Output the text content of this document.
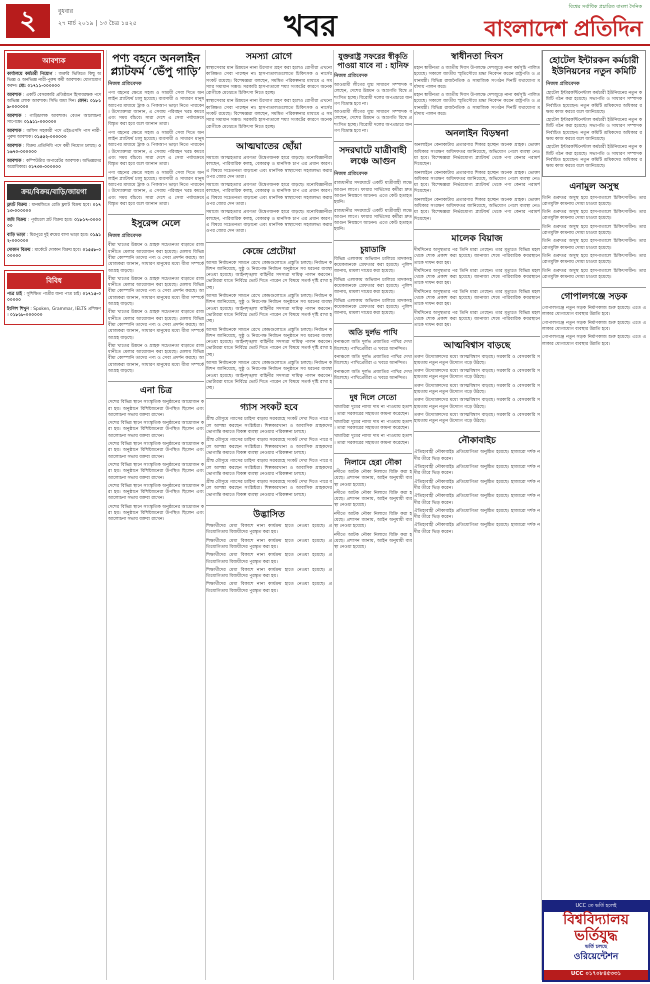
২	বুধবার
২৭ মার্চ ২০১৯ | ১৩ চৈত্র ১৪২৫	খবর
বিশ্বের সর্বাধিক প্রচারিত বাংলা দৈনিক
বাংলাদেশ প্রতিদিন
আবশ্যক
কার্যালয়ে কর্মচারী নিয়োগ : জরুরি ভিত্তিতে কিছু অভিজ্ঞ ও অনভিজ্ঞ নারী-পুরুষ কর্মী আবশ্যক। যোগাযোগ করুন। মো: ০১৭১১-০০০০০০
আবশ্যক : একটি বেসরকারি প্রতিষ্ঠানে হিসাবরক্ষক পদে অভিজ্ঞ লোক আবশ্যক। সিভি জমা দিন। ফোন: ০১৮১৯-০০০০০০
আবশ্যক : গাড়িচালক আবশ্যক। বেতন আলোচনা সাপেক্ষে। ০১৯১১-০০০০০০
আবশ্যক : অফিস সহকারী পদে এইচএসসি পাস নারী-পুরুষ আবশ্যক। ০১৫৫২-০০০০০০
আবশ্যক : বিক্রয় প্রতিনিধি পদে কর্মী নিয়োগ চলছে। ০১৬৭০-০০০০০০
আবশ্যক : কম্পিউটার অপারেটর আবশ্যক। অভিজ্ঞদের অগ্রাধিকার। ০১৭৩০-০০০০০০
ক্রয়/বিক্রয়/বাড়ি/জায়গা
ফ্ল্যাট বিক্রয় : ধানমন্ডিতে রেডি ফ্ল্যাট বিক্রয় হবে। ০১৭১৩-০০০০০০
জমি বিক্রয় : পূর্বাচলে প্লট বিক্রয় হবে। ০১৮১৭-০০০০০০
বাড়ি ভাড়া : মিরপুরে দুই রুমের বাসা ভাড়া হবে। ০১৯১২-০০০০০০
দোকান বিক্রয় : মার্কেটে দোকান বিক্রয় হবে। ০১৫৫৮-০০০০০০
বিবিধ
পাত্র চাই : সুশিক্ষিত পাত্রীর জন্য পাত্র চাই। ০১৭১৫-০০০০০০
ইংলিশ শিখুন : Spoken, Grammar, IELTS প্রশিক্ষণ। ০১৮১৮-০০০০০০
পণ্য বহনে অনলাইন প্ল্যাটফর্ম ‘ভেঁপু গাড়ি’
নিজস্ব প্রতিবেদক

পণ্য বহনের ক্ষেত্রে সহজ ও সাশ্রয়ী সেবা দিতে অনলাইন প্ল্যাটফর্ম চালু হয়েছে। ব্যবসায়ী ও সাধারণ মানুষ অ্যাপের মাধ্যমে ট্রাক ও পিকআপ ভাড়া নিতে পারবেন। উদ্যোক্তারা জানান, এ সেবায় পরিবহন খরচ কমবে এবং সময় বাঁচবে। সারা দেশে এ সেবা পর্যায়ক্রমে বিস্তৃত করা হবে বলে জানান তারা।

পণ্য বহনের ক্ষেত্রে সহজ ও সাশ্রয়ী সেবা দিতে অনলাইন প্ল্যাটফর্ম চালু হয়েছে। ব্যবসায়ী ও সাধারণ মানুষ অ্যাপের মাধ্যমে ট্রাক ও পিকআপ ভাড়া নিতে পারবেন। উদ্যোক্তারা জানান, এ সেবায় পরিবহন খরচ কমবে এবং সময় বাঁচবে। সারা দেশে এ সেবা পর্যায়ক্রমে বিস্তৃত করা হবে বলে জানান তারা।

পণ্য বহনের ক্ষেত্রে সহজ ও সাশ্রয়ী সেবা দিতে অনলাইন প্ল্যাটফর্ম চালু হয়েছে। ব্যবসায়ী ও সাধারণ মানুষ অ্যাপের মাধ্যমে ট্রাক ও পিকআপ ভাড়া নিতে পারবেন। উদ্যোক্তারা জানান, এ সেবায় পরিবহন খরচ কমবে এবং সময় বাঁচবে। সারা দেশে এ সেবা পর্যায়ক্রমে বিস্তৃত করা হবে বলে জানান তারা।

ইসুরেন্স মেলে
নিজস্ব প্রতিবেদক

বীমা খাতের উন্নয়ন ও গ্রাহক সচেতনতা বাড়াতে রাজধানীতে মেলার আয়োজন করা হয়েছে। মেলায় বিভিন্ন বীমা কোম্পানি তাদের পণ্য ও সেবা প্রদর্শন করছে। আয়োজকরা জানান, সাধারণ মানুষের মধ্যে বীমা সম্পর্কে আগ্রহ বাড়ছে।

বীমা খাতের উন্নয়ন ও গ্রাহক সচেতনতা বাড়াতে রাজধানীতে মেলার আয়োজন করা হয়েছে। মেলায় বিভিন্ন বীমা কোম্পানি তাদের পণ্য ও সেবা প্রদর্শন করছে। আয়োজকরা জানান, সাধারণ মানুষের মধ্যে বীমা সম্পর্কে আগ্রহ বাড়ছে।

বীমা খাতের উন্নয়ন ও গ্রাহক সচেতনতা বাড়াতে রাজধানীতে মেলার আয়োজন করা হয়েছে। মেলায় বিভিন্ন বীমা কোম্পানি তাদের পণ্য ও সেবা প্রদর্শন করছে। আয়োজকরা জানান, সাধারণ মানুষের মধ্যে বীমা সম্পর্কে আগ্রহ বাড়ছে।

বীমা খাতের উন্নয়ন ও গ্রাহক সচেতনতা বাড়াতে রাজধানীতে মেলার আয়োজন করা হয়েছে। মেলায় বিভিন্ন বীমা কোম্পানি তাদের পণ্য ও সেবা প্রদর্শন করছে। আয়োজকরা জানান, সাধারণ মানুষের মধ্যে বীমা সম্পর্কে আগ্রহ বাড়ছে।

এনা চিত্র

দেশের বিভিন্ন স্থানে সাংস্কৃতিক অনুষ্ঠানের আয়োজন করা হয়। অনুষ্ঠানে বিশিষ্টজনেরা উপস্থিত ছিলেন এবং আলোচনা সভায় বক্তব্য রাখেন।

দেশের বিভিন্ন স্থানে সাংস্কৃতিক অনুষ্ঠানের আয়োজন করা হয়। অনুষ্ঠানে বিশিষ্টজনেরা উপস্থিত ছিলেন এবং আলোচনা সভায় বক্তব্য রাখেন।

দেশের বিভিন্ন স্থানে সাংস্কৃতিক অনুষ্ঠানের আয়োজন করা হয়। অনুষ্ঠানে বিশিষ্টজনেরা উপস্থিত ছিলেন এবং আলোচনা সভায় বক্তব্য রাখেন।

দেশের বিভিন্ন স্থানে সাংস্কৃতিক অনুষ্ঠানের আয়োজন করা হয়। অনুষ্ঠানে বিশিষ্টজনেরা উপস্থিত ছিলেন এবং আলোচনা সভায় বক্তব্য রাখেন।

দেশের বিভিন্ন স্থানে সাংস্কৃতিক অনুষ্ঠানের আয়োজন করা হয়। অনুষ্ঠানে বিশিষ্টজনেরা উপস্থিত ছিলেন এবং আলোচনা সভায় বক্তব্য রাখেন।

দেশের বিভিন্ন স্থানে সাংস্কৃতিক অনুষ্ঠানের আয়োজন করা হয়। অনুষ্ঠানে বিশিষ্টজনেরা উপস্থিত ছিলেন এবং আলোচনা সভায় বক্তব্য রাখেন।

সমস্যা রোগে

স্বাস্থ্যসেবার মান উন্নয়নে নানা উদ্যোগ গ্রহণ করা হলেও রোগীরা এখনো কাঙ্ক্ষিত সেবা পাচ্ছেন না। হাসপাতালগুলোতে চিকিৎসক ও নার্সের সংকট রয়েছে। বিশেষজ্ঞরা বলছেন, সমন্বিত পরিকল্পনার মাধ্যমে এ সমস্যার সমাধান সম্ভব। সরকারি হাসপাতালে শয্যা সংকটের কারণে অনেক রোগীকে মেঝেতে চিকিৎসা নিতে হচ্ছে।

স্বাস্থ্যসেবার মান উন্নয়নে নানা উদ্যোগ গ্রহণ করা হলেও রোগীরা এখনো কাঙ্ক্ষিত সেবা পাচ্ছেন না। হাসপাতালগুলোতে চিকিৎসক ও নার্সের সংকট রয়েছে। বিশেষজ্ঞরা বলছেন, সমন্বিত পরিকল্পনার মাধ্যমে এ সমস্যার সমাধান সম্ভব। সরকারি হাসপাতালে শয্যা সংকটের কারণে অনেক রোগীকে মেঝেতে চিকিৎসা নিতে হচ্ছে।

আত্মঘাতের ছোঁয়া

সমাজে আত্মহত্যার প্রবণতা উদ্বেগজনক হারে বাড়ছে। মনোবিজ্ঞানীরা বলছেন, পারিবারিক কলহ, বেকারত্ব ও মানসিক চাপ এর প্রধান কারণ। এ বিষয়ে সচেতনতা বাড়ানো এবং মানসিক স্বাস্থ্যসেবা সহজলভ্য করার ওপর জোর দেন তারা।

সমাজে আত্মহত্যার প্রবণতা উদ্বেগজনক হারে বাড়ছে। মনোবিজ্ঞানীরা বলছেন, পারিবারিক কলহ, বেকারত্ব ও মানসিক চাপ এর প্রধান কারণ। এ বিষয়ে সচেতনতা বাড়ানো এবং মানসিক স্বাস্থ্যসেবা সহজলভ্য করার ওপর জোর দেন তারা।

সমাজে আত্মহত্যার প্রবণতা উদ্বেগজনক হারে বাড়ছে। মনোবিজ্ঞানীরা বলছেন, পারিবারিক কলহ, বেকারত্ব ও মানসিক চাপ এর প্রধান কারণ। এ বিষয়ে সচেতনতা বাড়ানো এবং মানসিক স্বাস্থ্যসেবা সহজলভ্য করার ওপর জোর দেন তারা।

কেন্দ্রে প্রেটোয়া

আসন্ন নির্বাচনকে সামনে রেখে কেন্দ্রগুলোতে প্রস্তুতি চলছে। নির্বাচন কমিশন জানিয়েছে, সুষ্ঠু ও নিরপেক্ষ নির্বাচন অনুষ্ঠানে সব ধরনের ব্যবস্থা নেওয়া হয়েছে। আইনশৃঙ্খলা বাহিনীর সদস্যরা দায়িত্ব পালন করবেন। ভোটাররা যাতে নির্বিঘ্নে ভোট দিতে পারেন সে বিষয়ে সতর্ক দৃষ্টি রাখা হচ্ছে।

আসন্ন নির্বাচনকে সামনে রেখে কেন্দ্রগুলোতে প্রস্তুতি চলছে। নির্বাচন কমিশন জানিয়েছে, সুষ্ঠু ও নিরপেক্ষ নির্বাচন অনুষ্ঠানে সব ধরনের ব্যবস্থা নেওয়া হয়েছে। আইনশৃঙ্খলা বাহিনীর সদস্যরা দায়িত্ব পালন করবেন। ভোটাররা যাতে নির্বিঘ্নে ভোট দিতে পারেন সে বিষয়ে সতর্ক দৃষ্টি রাখা হচ্ছে।

আসন্ন নির্বাচনকে সামনে রেখে কেন্দ্রগুলোতে প্রস্তুতি চলছে। নির্বাচন কমিশন জানিয়েছে, সুষ্ঠু ও নিরপেক্ষ নির্বাচন অনুষ্ঠানে সব ধরনের ব্যবস্থা নেওয়া হয়েছে। আইনশৃঙ্খলা বাহিনীর সদস্যরা দায়িত্ব পালন করবেন। ভোটাররা যাতে নির্বিঘ্নে ভোট দিতে পারেন সে বিষয়ে সতর্ক দৃষ্টি রাখা হচ্ছে।

আসন্ন নির্বাচনকে সামনে রেখে কেন্দ্রগুলোতে প্রস্তুতি চলছে। নির্বাচন কমিশন জানিয়েছে, সুষ্ঠু ও নিরপেক্ষ নির্বাচন অনুষ্ঠানে সব ধরনের ব্যবস্থা নেওয়া হয়েছে। আইনশৃঙ্খলা বাহিনীর সদস্যরা দায়িত্ব পালন করবেন। ভোটাররা যাতে নির্বিঘ্নে ভোট দিতে পারেন সে বিষয়ে সতর্ক দৃষ্টি রাখা হচ্ছে।

গ্যাস সংকট হবে

গ্রীষ্ম মৌসুমে গ্যাসের চাহিদা বাড়ায় সরবরাহে সংকট দেখা দিতে পারে বলে আশঙ্কা করছেন সংশ্লিষ্টরা। শিল্পকারখানা ও আবাসিক গ্রাহকদের ভোগান্তি কমাতে বিকল্প ব্যবস্থা নেওয়ার পরিকল্পনা চলছে।

গ্রীষ্ম মৌসুমে গ্যাসের চাহিদা বাড়ায় সরবরাহে সংকট দেখা দিতে পারে বলে আশঙ্কা করছেন সংশ্লিষ্টরা। শিল্পকারখানা ও আবাসিক গ্রাহকদের ভোগান্তি কমাতে বিকল্প ব্যবস্থা নেওয়ার পরিকল্পনা চলছে।

গ্রীষ্ম মৌসুমে গ্যাসের চাহিদা বাড়ায় সরবরাহে সংকট দেখা দিতে পারে বলে আশঙ্কা করছেন সংশ্লিষ্টরা। শিল্পকারখানা ও আবাসিক গ্রাহকদের ভোগান্তি কমাতে বিকল্প ব্যবস্থা নেওয়ার পরিকল্পনা চলছে।

গ্রীষ্ম মৌসুমে গ্যাসের চাহিদা বাড়ায় সরবরাহে সংকট দেখা দিতে পারে বলে আশঙ্কা করছেন সংশ্লিষ্টরা। শিল্পকারখানা ও আবাসিক গ্রাহকদের ভোগান্তি কমাতে বিকল্প ব্যবস্থা নেওয়ার পরিকল্পনা চলছে।

উদ্ভাসিত

শিক্ষার্থীদের মেধা বিকাশে নানা কার্যক্রম হাতে নেওয়া হয়েছে। প্রতিযোগিতায় বিজয়ীদের পুরস্কৃত করা হয়।

শিক্ষার্থীদের মেধা বিকাশে নানা কার্যক্রম হাতে নেওয়া হয়েছে। প্রতিযোগিতায় বিজয়ীদের পুরস্কৃত করা হয়।

শিক্ষার্থীদের মেধা বিকাশে নানা কার্যক্রম হাতে নেওয়া হয়েছে। প্রতিযোগিতায় বিজয়ীদের পুরস্কৃত করা হয়।

শিক্ষার্থীদের মেধা বিকাশে নানা কার্যক্রম হাতে নেওয়া হয়েছে। প্রতিযোগিতায় বিজয়ীদের পুরস্কৃত করা হয়।

শিক্ষার্থীদের মেধা বিকাশে নানা কার্যক্রম হাতে নেওয়া হয়েছে। প্রতিযোগিতায় বিজয়ীদের পুরস্কৃত করা হয়।

যুক্তরাষ্ট্র সফরের স্বীকৃতি পাওয়া যাবে না : হানিফ
নিজস্ব প্রতিবেদক

আওয়ামী লীগের যুগ্ম সাধারণ সম্পাদক বলেছেন, দেশের উন্নয়ন ও অগ্রগতি বিশ্বে প্রশংসিত হচ্ছে। বিরোধী দলের অপপ্রচারে জনগণ বিভ্রান্ত হবে না।

আওয়ামী লীগের যুগ্ম সাধারণ সম্পাদক বলেছেন, দেশের উন্নয়ন ও অগ্রগতি বিশ্বে প্রশংসিত হচ্ছে। বিরোধী দলের অপপ্রচারে জনগণ বিভ্রান্ত হবে না।

সদরঘাটে যাত্রীবাহী লঞ্চে আগুন
নিজস্ব প্রতিবেদক

রাজধানীর সদরঘাটে একটি যাত্রীবাহী লঞ্চে আগুন লাগে। ফায়ার সার্ভিসের কর্মীরা দ্রুত আগুন নিয়ন্ত্রণে আনেন। এতে কেউ হতাহত হয়নি।

রাজধানীর সদরঘাটে একটি যাত্রীবাহী লঞ্চে আগুন লাগে। ফায়ার সার্ভিসের কর্মীরা দ্রুত আগুন নিয়ন্ত্রণে আনেন। এতে কেউ হতাহত হয়নি।

চুয়াডাঙ্গি

বিভিন্ন এলাকায় অভিযান চালিয়ে মাদকসহ কয়েকজনকে গ্রেফতার করা হয়েছে। পুলিশ জানায়, মামলা দায়ের করা হয়েছে।

বিভিন্ন এলাকায় অভিযান চালিয়ে মাদকসহ কয়েকজনকে গ্রেফতার করা হয়েছে। পুলিশ জানায়, মামলা দায়ের করা হয়েছে।

বিভিন্ন এলাকায় অভিযান চালিয়ে মাদকসহ কয়েকজনকে গ্রেফতার করা হয়েছে। পুলিশ জানায়, মামলা দায়ের করা হয়েছে।

অতি দুর্লভ পাখি

বনাঞ্চলে অতি দুর্লভ প্রজাতির পাখির দেখা মিলেছে। পাখিপ্রেমীরা এ খবরে আনন্দিত।

বনাঞ্চলে অতি দুর্লভ প্রজাতির পাখির দেখা মিলেছে। পাখিপ্রেমীরা এ খবরে আনন্দিত।

বনাঞ্চলে অতি দুর্লভ প্রজাতির পাখির দেখা মিলেছে। পাখিপ্রেমীরা এ খবরে আনন্দিত।

দুধ দিলে সেতো

খামারিরা দুধের ন্যায্য দাম না পাওয়ায় হতাশ। তারা সরকারের সহায়তা কামনা করেছেন।

খামারিরা দুধের ন্যায্য দাম না পাওয়ায় হতাশ। তারা সরকারের সহায়তা কামনা করেছেন।

খামারিরা দুধের ন্যায্য দাম না পাওয়ায় হতাশ। তারা সরকারের সহায়তা কামনা করেছেন।

নিলামে হেরা নৌকা

নদীতে আটক নৌকা নিলামে বিক্রি করা হয়েছে। প্রশাসন জানায়, আইন অনুযায়ী ব্যবস্থা নেওয়া হয়েছে।

নদীতে আটক নৌকা নিলামে বিক্রি করা হয়েছে। প্রশাসন জানায়, আইন অনুযায়ী ব্যবস্থা নেওয়া হয়েছে।

নদীতে আটক নৌকা নিলামে বিক্রি করা হয়েছে। প্রশাসন জানায়, আইন অনুযায়ী ব্যবস্থা নেওয়া হয়েছে।

নদীতে আটক নৌকা নিলামে বিক্রি করা হয়েছে। প্রশাসন জানায়, আইন অনুযায়ী ব্যবস্থা নেওয়া হয়েছে।

স্বাধীনতা দিবস

মহান স্বাধীনতা ও জাতীয় দিবস উপলক্ষে দেশজুড়ে নানা কর্মসূচি পালিত হয়েছে। সকালে জাতীয় স্মৃতিসৌধে শ্রদ্ধা নিবেদন করেন রাষ্ট্রপতি ও প্রধানমন্ত্রী। বিভিন্ন রাজনৈতিক ও সামাজিক সংগঠন দিনটি যথাযোগ্য মর্যাদায় পালন করে।

মহান স্বাধীনতা ও জাতীয় দিবস উপলক্ষে দেশজুড়ে নানা কর্মসূচি পালিত হয়েছে। সকালে জাতীয় স্মৃতিসৌধে শ্রদ্ধা নিবেদন করেন রাষ্ট্রপতি ও প্রধানমন্ত্রী। বিভিন্ন রাজনৈতিক ও সামাজিক সংগঠন দিনটি যথাযোগ্য মর্যাদায় পালন করে।

অনলাইন বিড়ম্বনা

অনলাইনে কেনাকাটায় প্রতারণার শিকার হচ্ছেন অনেক গ্রাহক। ভোক্তা অধিকার সংরক্ষণ অধিদফতর জানিয়েছে, অভিযোগ পেলে ব্যবস্থা নেওয়া হবে। বিশেষজ্ঞরা নির্ভরযোগ্য প্ল্যাটফর্ম থেকে পণ্য কেনার পরামর্শ দিয়েছেন।

অনলাইনে কেনাকাটায় প্রতারণার শিকার হচ্ছেন অনেক গ্রাহক। ভোক্তা অধিকার সংরক্ষণ অধিদফতর জানিয়েছে, অভিযোগ পেলে ব্যবস্থা নেওয়া হবে। বিশেষজ্ঞরা নির্ভরযোগ্য প্ল্যাটফর্ম থেকে পণ্য কেনার পরামর্শ দিয়েছেন।

অনলাইনে কেনাকাটায় প্রতারণার শিকার হচ্ছেন অনেক গ্রাহক। ভোক্তা অধিকার সংরক্ষণ অধিদফতর জানিয়েছে, অভিযোগ পেলে ব্যবস্থা নেওয়া হবে। বিশেষজ্ঞরা নির্ভরযোগ্য প্ল্যাটফর্ম থেকে পণ্য কেনার পরামর্শ দিয়েছেন।

মালেক বিয়াজ

দীর্ঘদিনের অসুস্থতার পর তিনি মারা গেছেন। তার মৃত্যুতে বিভিন্ন মহল থেকে শোক প্রকাশ করা হয়েছে। জানাজা শেষে পারিবারিক কবরস্থানে তাকে দাফন করা হয়।

দীর্ঘদিনের অসুস্থতার পর তিনি মারা গেছেন। তার মৃত্যুতে বিভিন্ন মহল থেকে শোক প্রকাশ করা হয়েছে। জানাজা শেষে পারিবারিক কবরস্থানে তাকে দাফন করা হয়।

দীর্ঘদিনের অসুস্থতার পর তিনি মারা গেছেন। তার মৃত্যুতে বিভিন্ন মহল থেকে শোক প্রকাশ করা হয়েছে। জানাজা শেষে পারিবারিক কবরস্থানে তাকে দাফন করা হয়।

দীর্ঘদিনের অসুস্থতার পর তিনি মারা গেছেন। তার মৃত্যুতে বিভিন্ন মহল থেকে শোক প্রকাশ করা হয়েছে। জানাজা শেষে পারিবারিক কবরস্থানে তাকে দাফন করা হয়।

আত্মবিশ্বাস বাড়ছে

তরুণ উদ্যোক্তাদের মধ্যে আত্মবিশ্বাস বাড়ছে। সরকারি ও বেসরকারি সহায়তায় নতুন নতুন উদ্যোগ গড়ে উঠছে।

তরুণ উদ্যোক্তাদের মধ্যে আত্মবিশ্বাস বাড়ছে। সরকারি ও বেসরকারি সহায়তায় নতুন নতুন উদ্যোগ গড়ে উঠছে।

তরুণ উদ্যোক্তাদের মধ্যে আত্মবিশ্বাস বাড়ছে। সরকারি ও বেসরকারি সহায়তায় নতুন নতুন উদ্যোগ গড়ে উঠছে।

তরুণ উদ্যোক্তাদের মধ্যে আত্মবিশ্বাস বাড়ছে। সরকারি ও বেসরকারি সহায়তায় নতুন নতুন উদ্যোগ গড়ে উঠছে।

তরুণ উদ্যোক্তাদের মধ্যে আত্মবিশ্বাস বাড়ছে। সরকারি ও বেসরকারি সহায়তায় নতুন নতুন উদ্যোগ গড়ে উঠছে।

নৌকাবাইচ

ঐতিহ্যবাহী নৌকাবাইচ প্রতিযোগিতা অনুষ্ঠিত হয়েছে। হাজারো দর্শক নদীর তীরে ভিড় করেন।

ঐতিহ্যবাহী নৌকাবাইচ প্রতিযোগিতা অনুষ্ঠিত হয়েছে। হাজারো দর্শক নদীর তীরে ভিড় করেন।

ঐতিহ্যবাহী নৌকাবাইচ প্রতিযোগিতা অনুষ্ঠিত হয়েছে। হাজারো দর্শক নদীর তীরে ভিড় করেন।

ঐতিহ্যবাহী নৌকাবাইচ প্রতিযোগিতা অনুষ্ঠিত হয়েছে। হাজারো দর্শক নদীর তীরে ভিড় করেন।

ঐতিহ্যবাহী নৌকাবাইচ প্রতিযোগিতা অনুষ্ঠিত হয়েছে। হাজারো দর্শক নদীর তীরে ভিড় করেন।

ঐতিহ্যবাহী নৌকাবাইচ প্রতিযোগিতা অনুষ্ঠিত হয়েছে। হাজারো দর্শক নদীর তীরে ভিড় করেন।

হোটেল ইন্টারকন কর্মচারী ইউনিয়নের নতুন কমিটি
নিজস্ব প্রতিবেদক

হোটেল ইন্টারকন্টিনেন্টাল কর্মচারী ইউনিয়নের নতুন কমিটি গঠন করা হয়েছে। সভাপতি ও সাধারণ সম্পাদক নির্বাচিত হয়েছেন। নতুন কমিটি শ্রমিকদের অধিকার রক্ষায় কাজ করবে বলে জানিয়েছে।

হোটেল ইন্টারকন্টিনেন্টাল কর্মচারী ইউনিয়নের নতুন কমিটি গঠন করা হয়েছে। সভাপতি ও সাধারণ সম্পাদক নির্বাচিত হয়েছেন। নতুন কমিটি শ্রমিকদের অধিকার রক্ষায় কাজ করবে বলে জানিয়েছে।

হোটেল ইন্টারকন্টিনেন্টাল কর্মচারী ইউনিয়নের নতুন কমিটি গঠন করা হয়েছে। সভাপতি ও সাধারণ সম্পাদক নির্বাচিত হয়েছেন। নতুন কমিটি শ্রমিকদের অধিকার রক্ষায় কাজ করবে বলে জানিয়েছে।

এনামুল অসুস্থ

তিনি গুরুতর অসুস্থ হয়ে হাসপাতালে চিকিৎসাধীন। তার রোগমুক্তি কামনায় দোয়া চাওয়া হয়েছে।

তিনি গুরুতর অসুস্থ হয়ে হাসপাতালে চিকিৎসাধীন। তার রোগমুক্তি কামনায় দোয়া চাওয়া হয়েছে।

তিনি গুরুতর অসুস্থ হয়ে হাসপাতালে চিকিৎসাধীন। তার রোগমুক্তি কামনায় দোয়া চাওয়া হয়েছে।

তিনি গুরুতর অসুস্থ হয়ে হাসপাতালে চিকিৎসাধীন। তার রোগমুক্তি কামনায় দোয়া চাওয়া হয়েছে।

তিনি গুরুতর অসুস্থ হয়ে হাসপাতালে চিকিৎসাধীন। তার রোগমুক্তি কামনায় দোয়া চাওয়া হয়েছে।

তিনি গুরুতর অসুস্থ হয়ে হাসপাতালে চিকিৎসাধীন। তার রোগমুক্তি কামনায় দোয়া চাওয়া হয়েছে।

গোপালগঞ্জে সড়ক

গোপালগঞ্জে নতুন সড়ক নির্মাণকাজ শুরু হয়েছে। এতে এলাকার যোগাযোগ ব্যবস্থার উন্নতি হবে।

গোপালগঞ্জে নতুন সড়ক নির্মাণকাজ শুরু হয়েছে। এতে এলাকার যোগাযোগ ব্যবস্থার উন্নতি হবে।

গোপালগঞ্জে নতুন সড়ক নির্মাণকাজ শুরু হয়েছে। এতে এলাকার যোগাযোগ ব্যবস্থার উন্নতি হবে।

UCC তে ভর্তি হলেই
বিশ্ববিদ্যালয় ভর্তিযুদ্ধ
ভর্তি চলছে
ওরিয়েন্টেশন
UCC ০১৭০৮৪৫৩৩১
